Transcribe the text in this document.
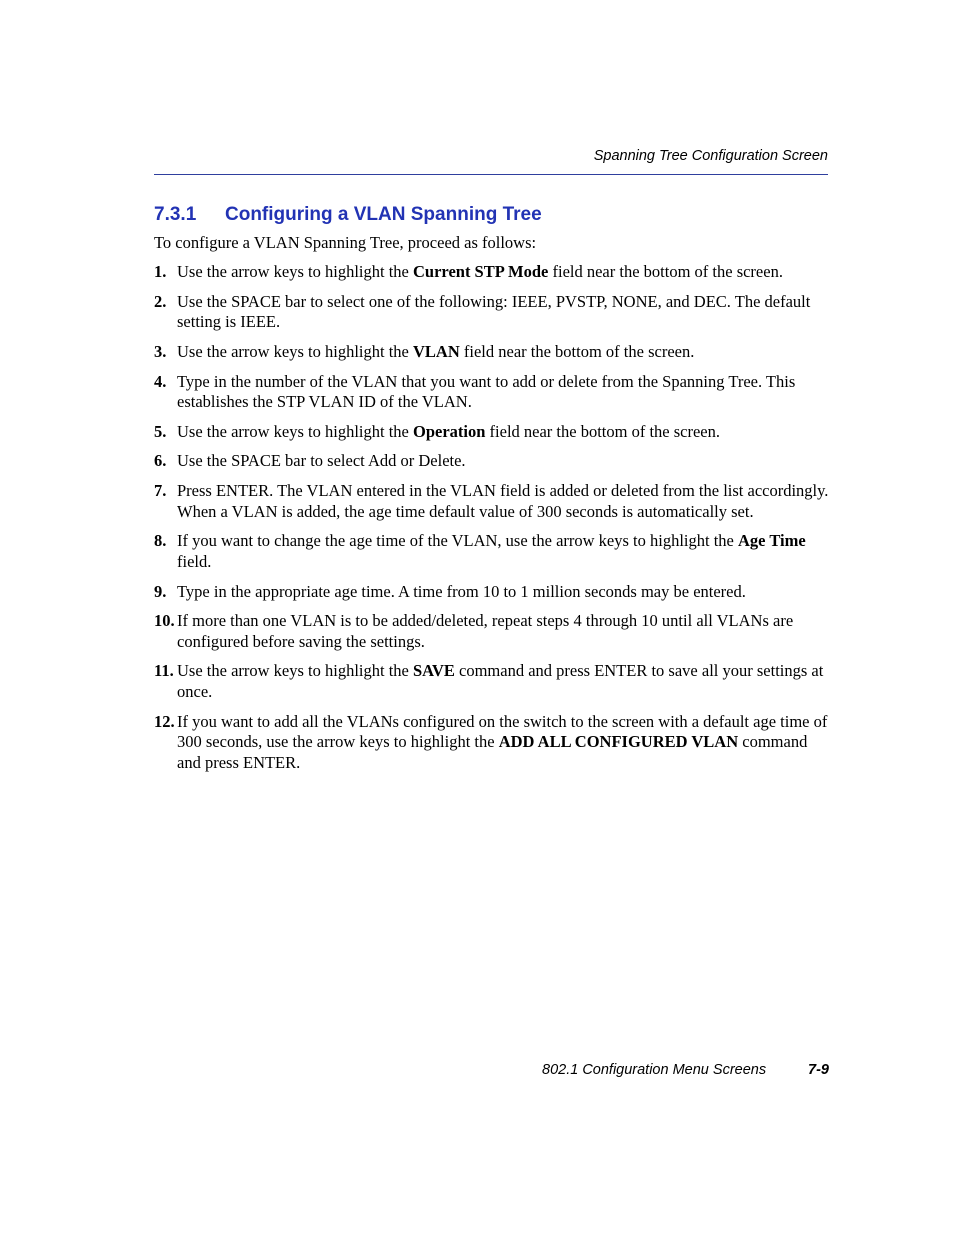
Spanning Tree Configuration Screen
7.3.1 Configuring a VLAN Spanning Tree
To configure a VLAN Spanning Tree, proceed as follows:
1. Use the arrow keys to highlight the Current STP Mode field near the bottom of the screen.
2. Use the SPACE bar to select one of the following: IEEE, PVSTP, NONE, and DEC. The default setting is IEEE.
3. Use the arrow keys to highlight the VLAN field near the bottom of the screen.
4. Type in the number of the VLAN that you want to add or delete from the Spanning Tree. This establishes the STP VLAN ID of the VLAN.
5. Use the arrow keys to highlight the Operation field near the bottom of the screen.
6. Use the SPACE bar to select Add or Delete.
7. Press ENTER. The VLAN entered in the VLAN field is added or deleted from the list accordingly. When a VLAN is added, the age time default value of 300 seconds is automatically set.
8. If you want to change the age time of the VLAN, use the arrow keys to highlight the Age Time field.
9. Type in the appropriate age time. A time from 10 to 1 million seconds may be entered.
10. If more than one VLAN is to be added/deleted, repeat steps 4 through 10 until all VLANs are configured before saving the settings.
11. Use the arrow keys to highlight the SAVE command and press ENTER to save all your settings at once.
12. If you want to add all the VLANs configured on the switch to the screen with a default age time of 300 seconds, use the arrow keys to highlight the ADD ALL CONFIGURED VLAN command and press ENTER.
802.1 Configuration Menu Screens	7-9
